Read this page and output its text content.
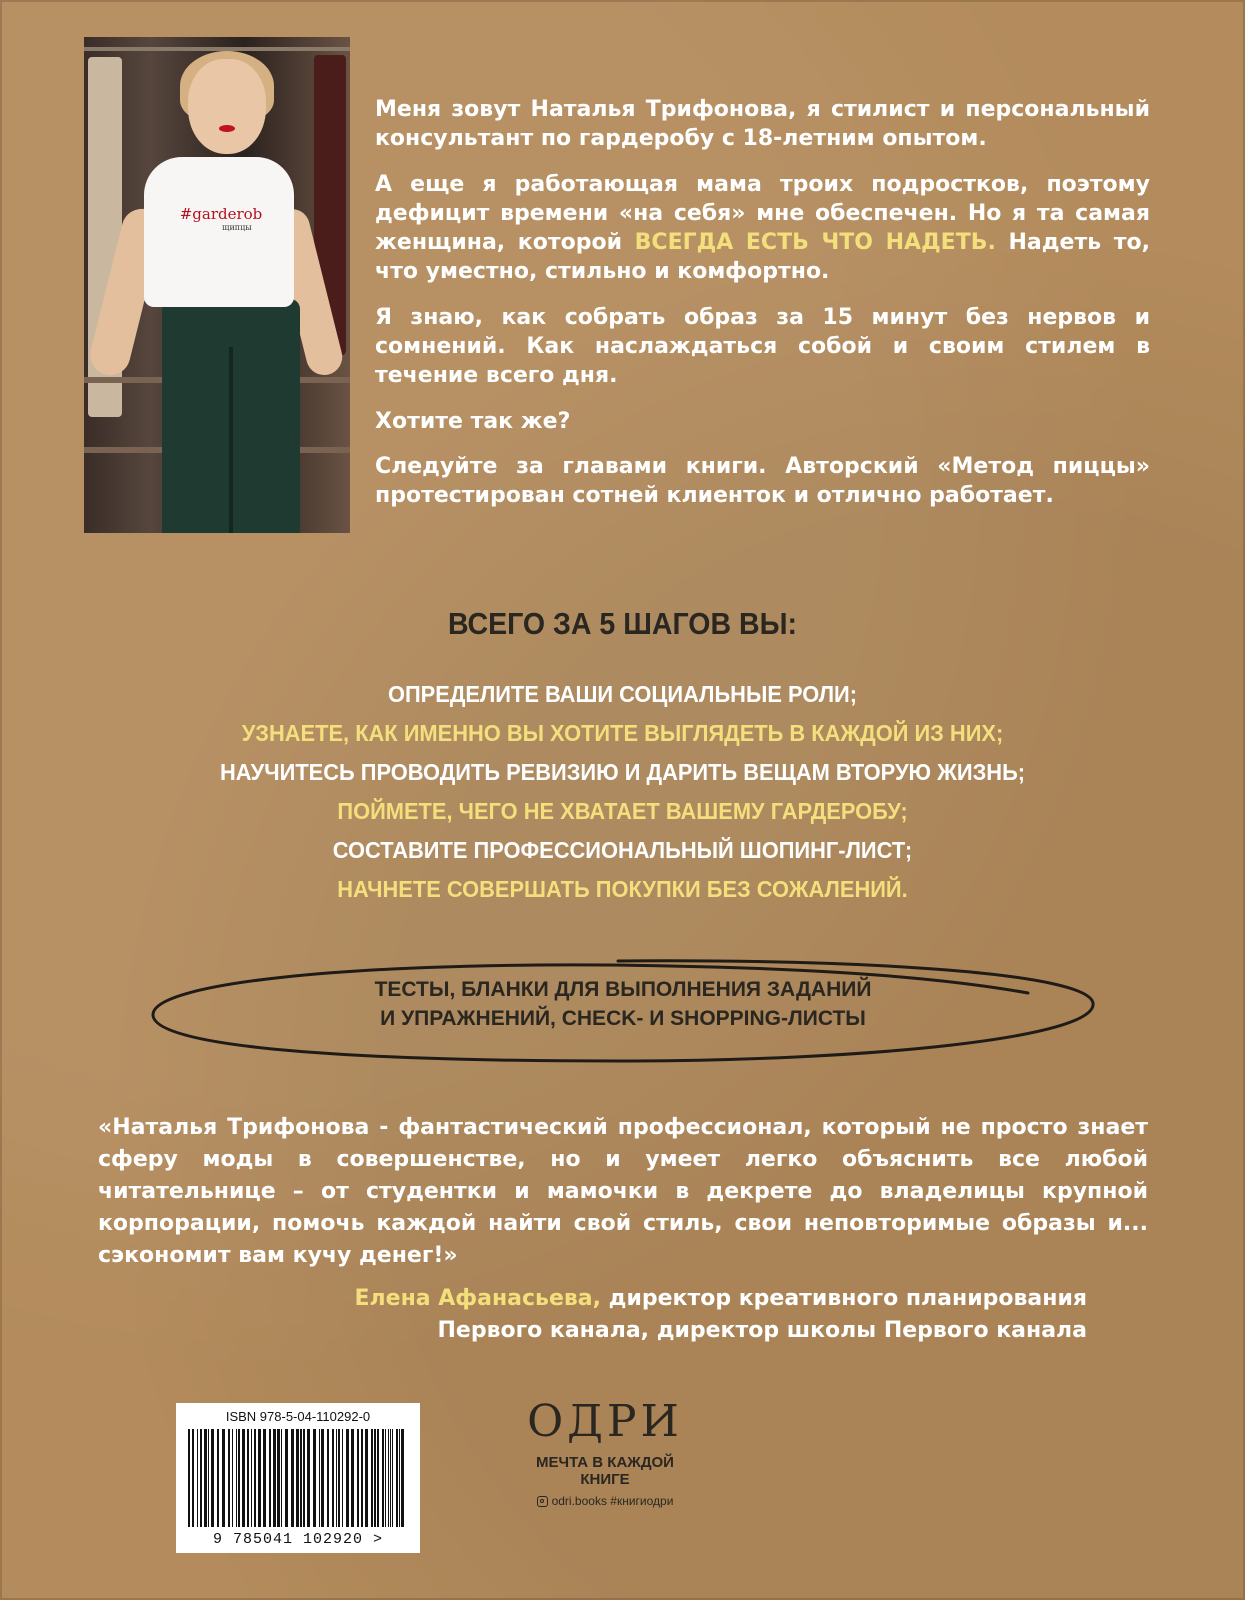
#garderob
щипцы

Меня зовут Наталья Трифонова, я стилист и персональный консультант по гардеробу с 18-летним опытом.

А еще я работающая мама троих подростков, поэтому дефицит времени «на себя» мне обеспечен. Но я та самая женщина, которой ВСЕГДА ЕСТЬ ЧТО НАДЕТЬ. Надеть то, что уместно, стильно и комфортно.

Я знаю, как собрать образ за 15 минут без нервов и сомнений. Как наслаждаться собой и своим стилем в течение всего дня.

Хотите так же?

Следуйте за главами книги. Авторский «Метод пиццы» протестирован сотней клиенток и отлично работает.

ВСЕГО ЗА 5 ШАГОВ ВЫ:
ОПРЕДЕЛИТЕ ВАШИ СОЦИАЛЬНЫЕ РОЛИ;
УЗНАЕТЕ, КАК ИМЕННО ВЫ ХОТИТЕ ВЫГЛЯДЕТЬ В КАЖДОЙ ИЗ НИХ;
НАУЧИТЕСЬ ПРОВОДИТЬ РЕВИЗИЮ И ДАРИТЬ ВЕЩАМ ВТОРУЮ ЖИЗНЬ;
ПОЙМЕТЕ, ЧЕГО НЕ ХВАТАЕТ ВАШЕМУ ГАРДЕРОБУ;
СОСТАВИТЕ ПРОФЕССИОНАЛЬНЫЙ ШОПИНГ-ЛИСТ;
НАЧНЕТЕ СОВЕРШАТЬ ПОКУПКИ БЕЗ СОЖАЛЕНИЙ.
ТЕСТЫ, БЛАНКИ ДЛЯ ВЫПОЛНЕНИЯ ЗАДАНИЙ
И УПРАЖНЕНИЙ, CHECK- И SHOPPING-ЛИСТЫ

«Наталья Трифонова - фантастический профессионал, который не просто знает сферу моды в совершенстве, но и умеет легко объяснить все любой читательнице – от студентки и мамочки в декрете до владелицы крупной корпорации, помочь каждой найти свой стиль, свои неповторимые образы и... сэкономит вам кучу денег!»

Елена Афанасьева, директор креативного планирования
Первого канала, директор школы Первого канала
ISBN 978-5-04-110292-0
9 785041 102920 >
ОДРИ
МЕЧТА В КАЖДОЙ
КНИГЕ
odri.books #книгиодри
